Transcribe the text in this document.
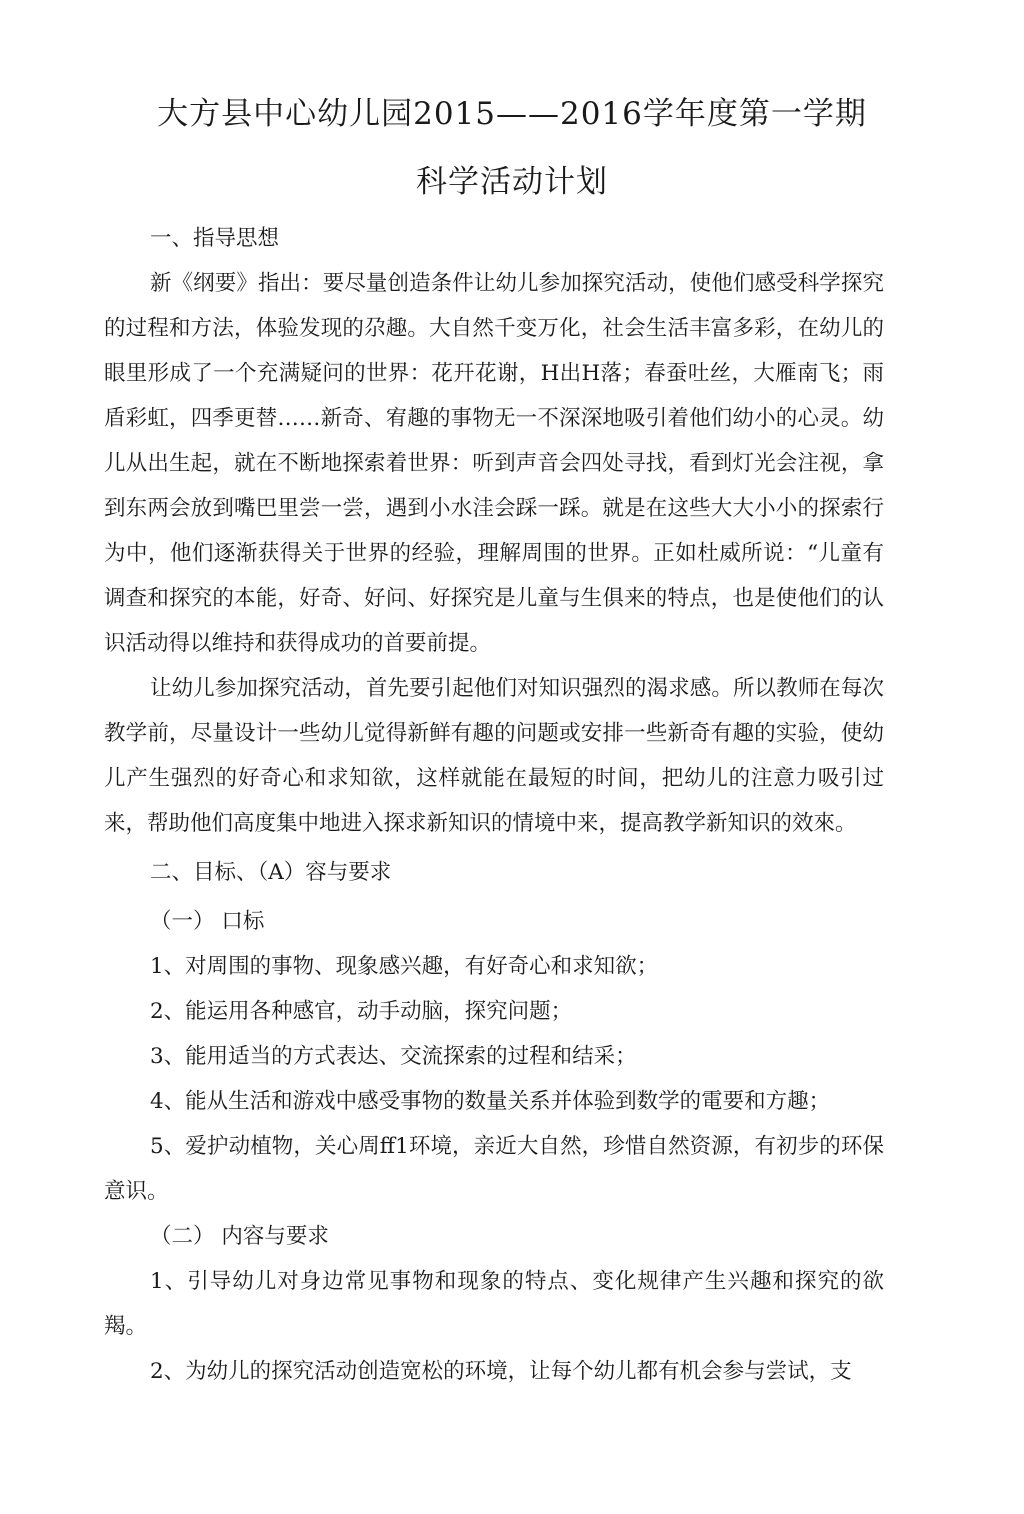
大方县中心幼儿园2015——2016学年度第一学期
科学活动计划

一、指导思想

新《纲要》指出：要尽量创造条件让幼儿参加探究活动，使他们感受科学探究的过程和方法，体验发现的尕趣。大自然千变万化，社会生活丰富多彩，在幼儿的眼里形成了一个充满疑问的世界：花幵花谢，H出H落；春蚕吐丝，大雁南飞；雨盾彩虹，四季更替……新奇、宥趣的事物无一不深深地吸引着他们幼小的心灵。幼儿从出生起，就在不断地探索着世界：听到声音会四处寻找，看到灯光会注视，拿到东两会放到嘴巴里尝一尝，遇到小水洼会踩一踩。就是在这些大大小小的探索行为中，他们逐渐获得关于世界的经验，理解周围的世界。正如杜威所说：“儿童有调查和探究的本能，好奇、好问、好探究是儿童与生俱来的特点，也是使他们的认识活动得以维持和获得成功的首要前提。

让幼儿参加探究活动，首先要引起他们对知识强烈的渴求感。所以教师在每次教学前，尽量设计一些幼儿觉得新鲜有趣的问题或安排一些新奇有趣的实验，使幼儿产生强烈的好奇心和求知欲，这样就能在最短的时间，把幼儿的注意力吸引过来，帮助他们高度集中地进入探求新知识的情境中来，提高教学新知识的效來。

二、目标、（A）容与要求

（一） 口标

1、对周围的事物、现象感兴趣，有好奇心和求知欲；

2、能运用各种感官，动手动脑，探究问题；

3、能用适当的方式表达、交流探索的过程和结采；

4、能从生活和游戏中感受事物的数量关系并体验到数学的電要和方趣；

5、爱护动植物，关心周ff1环境，亲近大自然，珍惜自然资源，有初步的环保意识。

（二） 内容与要求

1、引导幼儿对身边常见事物和现象的特点、变化规律产生兴趣和探究的欲羯。

2、为幼儿的探究活动创造宽松的环境，让每个幼儿都有机会参与尝试，支
